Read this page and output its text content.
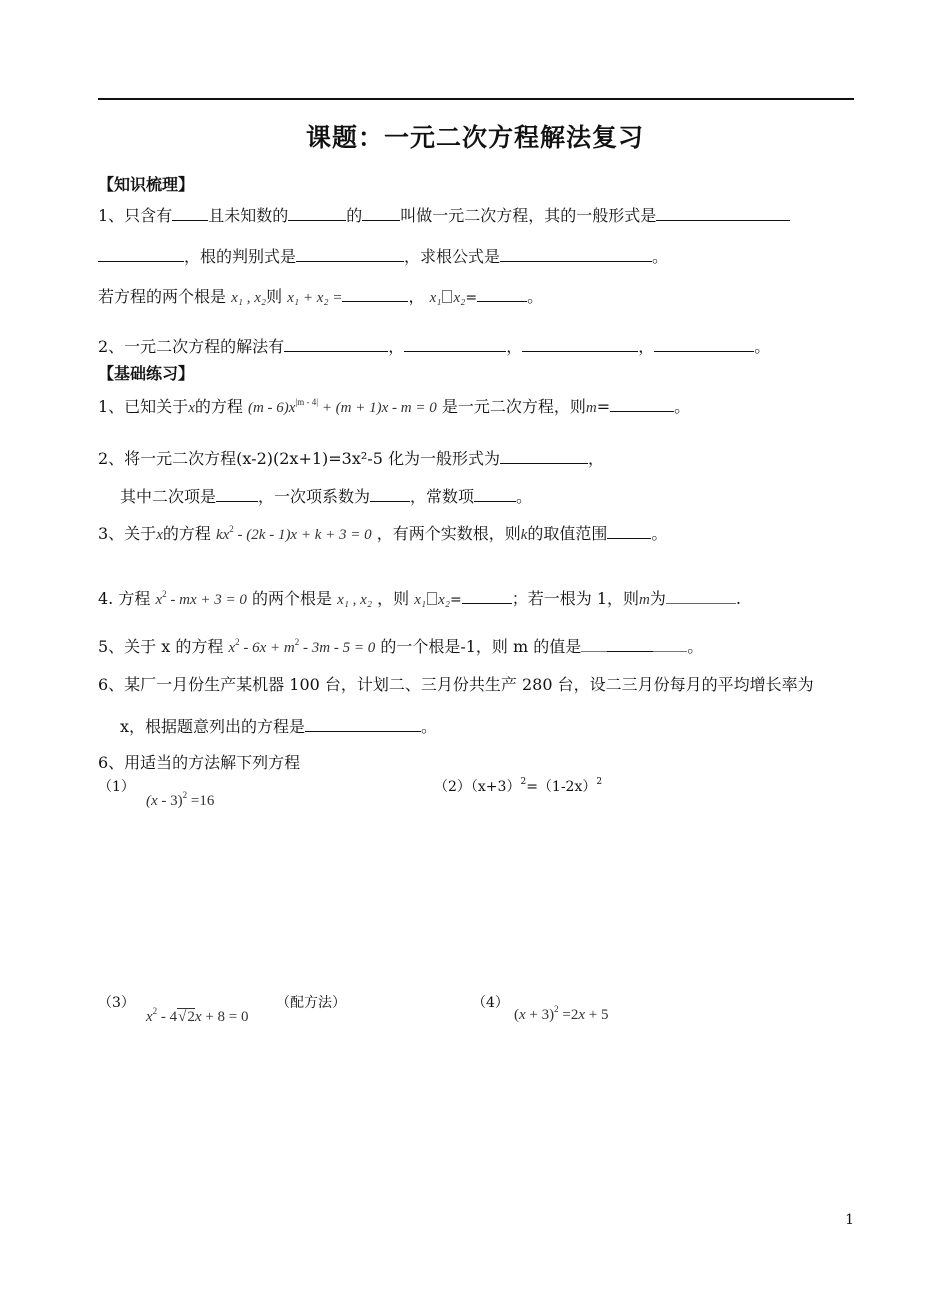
课题：一元二次方程解法复习
【知识梳理】
1、只含有 且未知数的	的 叫做一元二次方程，其的一般形式是
，根的判别式是	，求根公式是	。
若方程的两个根是 x₁ , x₂则 x₁ + x₂ =	， x₁ x₂=	。
2、一元二次方程的解法有	，	，	，	。
【基础练习】
1、已知关于x的方程 $(m - 6)x^{|m - 4|} + (m + 1)x - m = 0$ 是一元二次方程，则m=	。
2、将一元二次方程(x-2)(2x+1)=3x²-5 化为一般形式为	，
其中二次项是	，一次项系数为	，常数项	。
3、关于x的方程 $kx^2 - (2k - 1)x + k + 3 = 0$ ，有两个实数根，则k的取值范围	。
4. 方程 $x^2$ - mx + 3 = 0 的两个根是 x₁ , x₂ ，则 x₁ x₂=	；若一根为 1，则m为	.
5、关于 x 的方程 $x^2 - 6x + m^2 - 3m - 5 = 0$ 的一个根是-1，则 m 的值是	。
6、某厂一月份生产某机器 100 台，计划二、三月份共生产 280 台，设二三月份每月的平均增长率为
x，根据题意列出的方程是	。
6、用适当的方法解下列方程
（1）
(x - 3)$^2$ =16
$(2)(x+3)^2=(1-2x)^2$
（3）
$x^2 - 4√2x + 8 = 0$
（配方法）	（4）
$(x + 3)^2 =2x + 5$
1
